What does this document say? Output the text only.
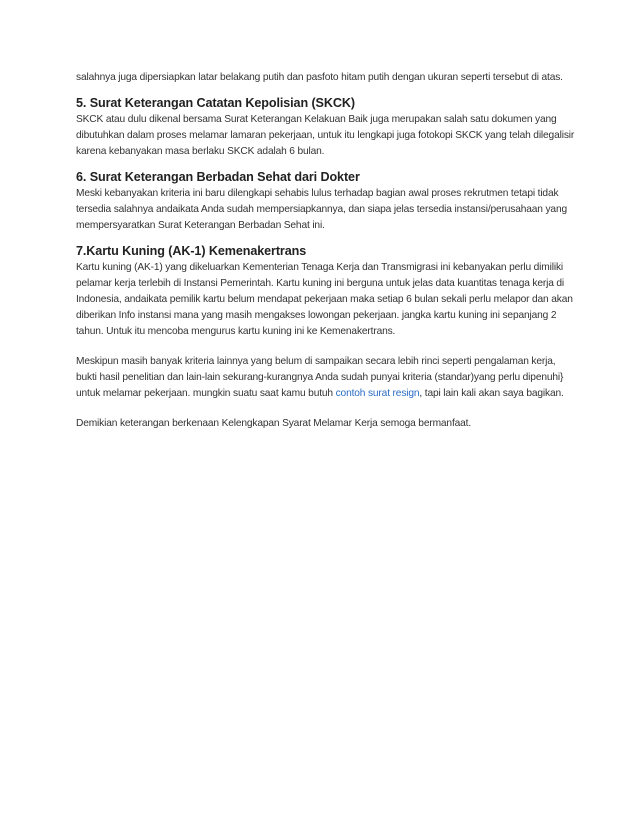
salahnya juga dipersiapkan latar belakang putih dan pasfoto hitam putih dengan ukuran seperti tersebut di atas.

5. Surat Keterangan Catatan Kepolisian (SKCK)

SKCK atau dulu dikenal bersama Surat Keterangan Kelakuan Baik juga merupakan salah satu dokumen yang dibutuhkan dalam proses melamar lamaran pekerjaan, untuk itu lengkapi juga fotokopi SKCK yang telah dilegalisir karena kebanyakan masa berlaku SKCK adalah 6 bulan.

6. Surat Keterangan Berbadan Sehat dari Dokter

Meski kebanyakan kriteria ini baru dilengkapi sehabis lulus terhadap bagian awal proses rekrutmen tetapi tidak tersedia salahnya andaikata Anda sudah mempersiapkannya, dan siapa jelas tersedia instansi/perusahaan yang mempersyaratkan Surat Keterangan Berbadan Sehat ini.

7.Kartu Kuning (AK-1) Kemenakertrans

Kartu kuning (AK-1) yang dikeluarkan Kementerian Tenaga Kerja dan Transmigrasi ini kebanyakan perlu dimiliki pelamar kerja terlebih di Instansi Pemerintah. Kartu kuning ini berguna untuk jelas data kuantitas tenaga kerja di Indonesia, andaikata pemilik kartu belum mendapat pekerjaan maka setiap 6 bulan sekali perlu melapor dan akan diberikan Info instansi mana yang masih mengakses lowongan pekerjaan. jangka kartu kuning ini sepanjang 2 tahun. Untuk itu mencoba mengurus kartu kuning ini ke Kemenakertrans.

Meskipun masih banyak kriteria lainnya yang belum di sampaikan secara lebih rinci seperti pengalaman kerja, bukti hasil penelitian dan lain-lain sekurang-kurangnya Anda sudah punyai kriteria (standar)yang perlu dipenuhi} untuk melamar pekerjaan. mungkin suatu saat kamu butuh contoh surat resign, tapi lain kali akan saya bagikan.

Demikian keterangan berkenaan Kelengkapan Syarat Melamar Kerja semoga bermanfaat.
